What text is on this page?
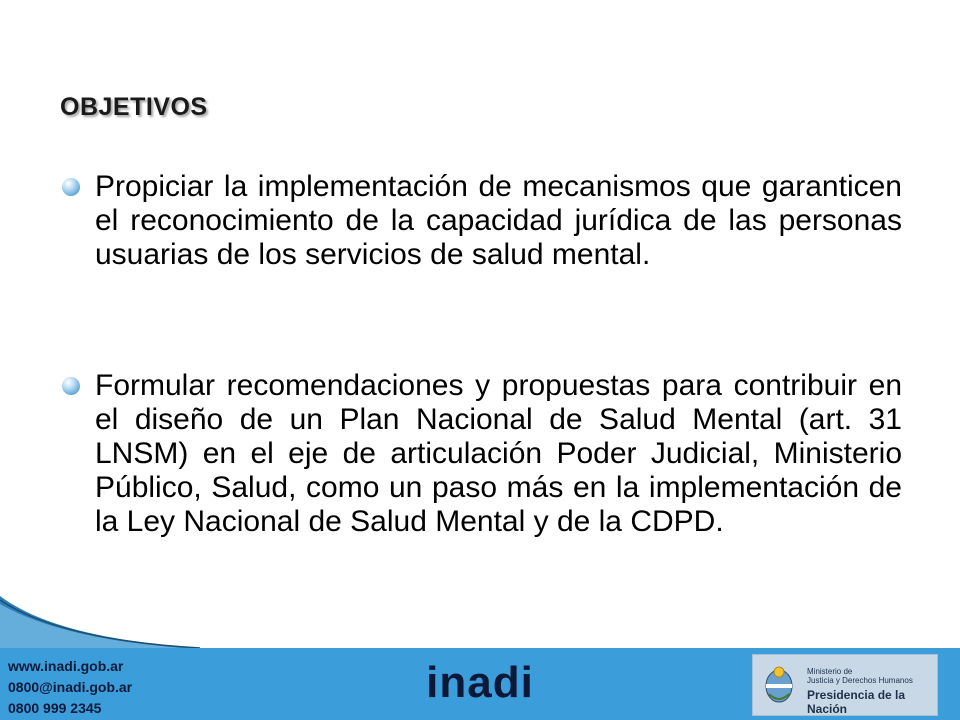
OBJETIVOS
Propiciar la implementación de mecanismos que garanticen el reconocimiento de la capacidad jurídica de las personas usuarias de los servicios de salud mental.
Formular recomendaciones y propuestas para contribuir en el diseño de un Plan Nacional de Salud Mental (art. 31 LNSM) en el eje de articulación Poder Judicial, Ministerio Público, Salud, como un paso más en la implementación de la Ley Nacional de Salud Mental y de la CDPD.
www.inadi.gob.ar
0800@inadi.gob.ar
0800 999 2345
inadi	Ministerio de
Justicia y Derechos Humanos
Presidencia de la Nación
